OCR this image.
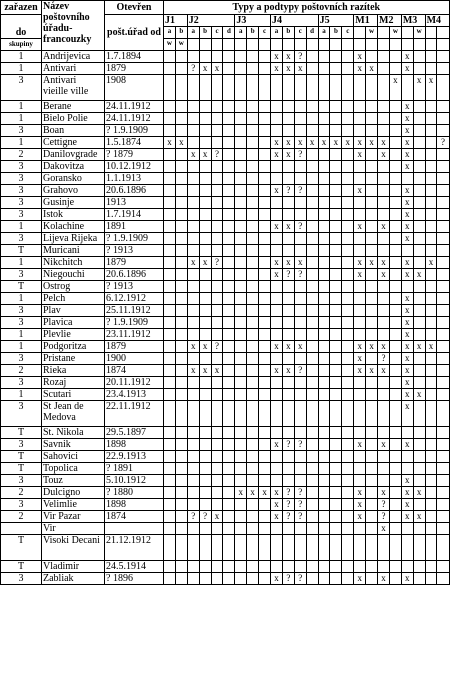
zařazen	Název poštovního úřadu-francouzky	Otevřen	Typy a podtypy poštovních razítek																							
do		pošt.úřad od	J1		J2				J3			J4				J5			M1		M2		M3		M4	
			a	b	a	b	c	d	a	b	c	a	b	c	d	a	b	c		w		w		w		
skupiny			w	w																						
1	Andrijevica	1.7.1894										x	x	?					x				x			
1	Antivari	1879			?	x	x					x	x	x					x	x			x			
3	Antivari vieille ville	1908																				x		x	x	
1	Berane	24.11.1912																					x			
1	Bielo Polie	24.11.1912																					x			
3	Boan	? 1.9.1909																					x			
1	Cettigne	1.5.1874	x	x								x	x	x	x	x	x	x	x	x	x		x			?
2	Danilovgrade	? 1879			x	x	?					x	x	?					x		x		x			
3	Dakovitza	10.12.1912																					x			
3	Goransko	1.1.1913																								
3	Grahovo	20.6.1896										x	?	?					x				x			
3	Gusinje	1913																					x			
3	Istok	1.7.1914																					x			
1	Kolachine	1891										x	x	?					x		x		x			
3	Lijeva Rijeka	? 1.9.1909																					x			
T	Muricani	? 1913																								
1	Nikchitch	1879			x	x	?					x	x	x					x	x	x		x		x	
3	Niegouchi	20.6.1896										x	?	?					x		x		x	x		
T	Ostrog	? 1913																								
1	Pelch	6.12.1912																					x			
3	Plav	25.11.1912																					x			
3	Plavica	? 1.9.1909																					x			
1	Plevlie	23.11.1912																					x			
1	Podgoritza	1879			x	x	?					x	x	x					x	x	x		x	x	x	
3	Pristane	1900																	x		?		x			
2	Rieka	1874			x	x	x					x	x	?					x	x	x		x			
3	Rozaj	20.11.1912																					x			
1	Scutari	23.4.1913																					x	x		
3	St Jean de Medova	22.11.1912																					x			
T	St. Nikola	29.5.1897																								
3	Savnik	1898										x	?	?					x		x		x			
T	Sahovici	22.9.1913																								
T	Topolica	? 1891																								
3	Touz	5.10.1912																					x			
2	Dulcigno	? 1880							x	x	x	x	?	?					x		x		x	x		
3	Velimlie	1898										x	?	?					x		?		x			
2	Vir Pazar	1874			?	?	x					x	?	?					x		?		x	x		
	Vir																				x					
T	Visoki Decani	21.12.1912																								
T	Vladimir	24.5.1914																								
3	Zabliak	? 1896										x	?	?					x		x		x			
